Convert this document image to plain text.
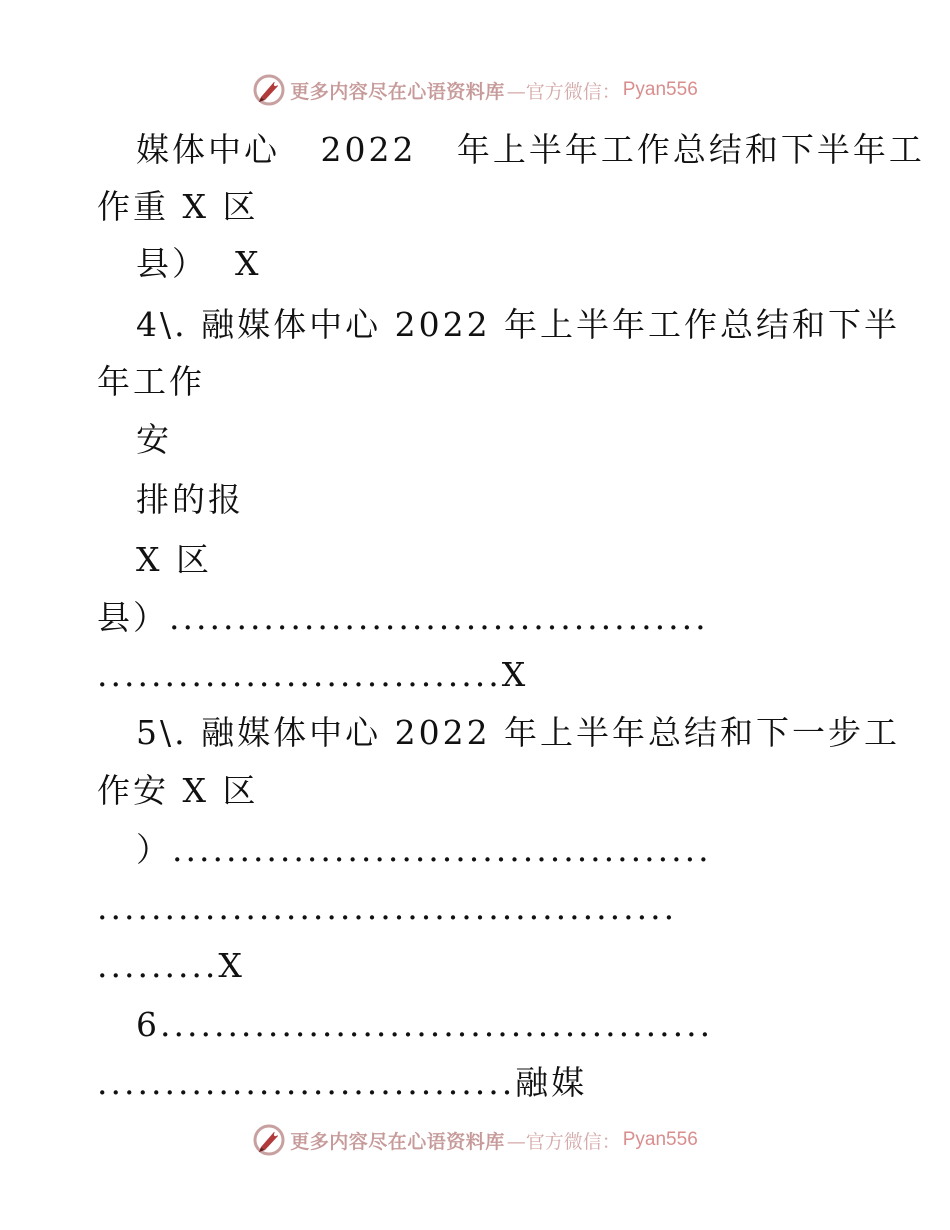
更多内容尽在心语资料库 —官方微信： Pyan556
媒体中心   2022   年上半年工作总结和下半年工
作重 X 区
县）  X
4\. 融媒体中心 2022 年上半年工作总结和下半
年工作
安
排的报
X 区
县）........................................
..............................X
5\. 融媒体中心 2022 年上半年总结和下一步工
作安 X 区
）........................................
...........................................
.........X
6.........................................
...............................融媒
更多内容尽在心语资料库 —官方微信： Pyan556
